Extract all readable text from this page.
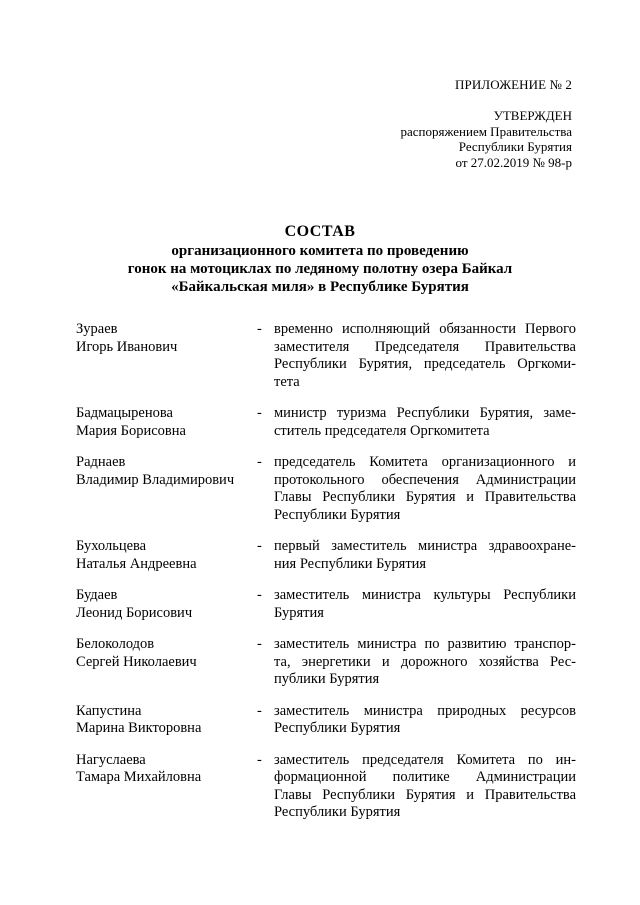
ПРИЛОЖЕНИЕ № 2
УТВЕРЖДЕН
распоряжением Правительства
Республики Бурятия
от 27.02.2019 № 98-р
СОСТАВ
организационного комитета по проведению
гонок на мотоциклах по ледяному полотну озера Байкал
«Байкальская миля» в Республике Бурятия
Зураев
Игорь Иванович
- временно исполняющий обязанности Первого
заместителя Председателя Правительства
Республики Бурятия, председатель Оргкоми-
тета
Бадмацыренова
Мария Борисовна
- министр туризма Республики Бурятия, заме-
ститель председателя Оргкомитета
Раднаев
Владимир Владимирович
- председатель Комитета организационного и
протокольного обеспечения Администрации
Главы Республики Бурятия и Правительства
Республики Бурятия
Бухольцева
Наталья Андреевна
- первый заместитель министра здравоохране-
ния Республики Бурятия
Будаев
Леонид Борисович
- заместитель министра культуры Республики
Бурятия
Белоколодов
Сергей Николаевич
- заместитель министра по развитию транспор-
та, энергетики и дорожного хозяйства Рес-
публики Бурятия
Капустина
Марина Викторовна
- заместитель министра природных ресурсов
Республики Бурятия
Нагуслаева
Тамара Михайловна
- заместитель председателя Комитета по ин-
формационной политике Администрации
Главы Республики Бурятия и Правительства
Республики Бурятия
